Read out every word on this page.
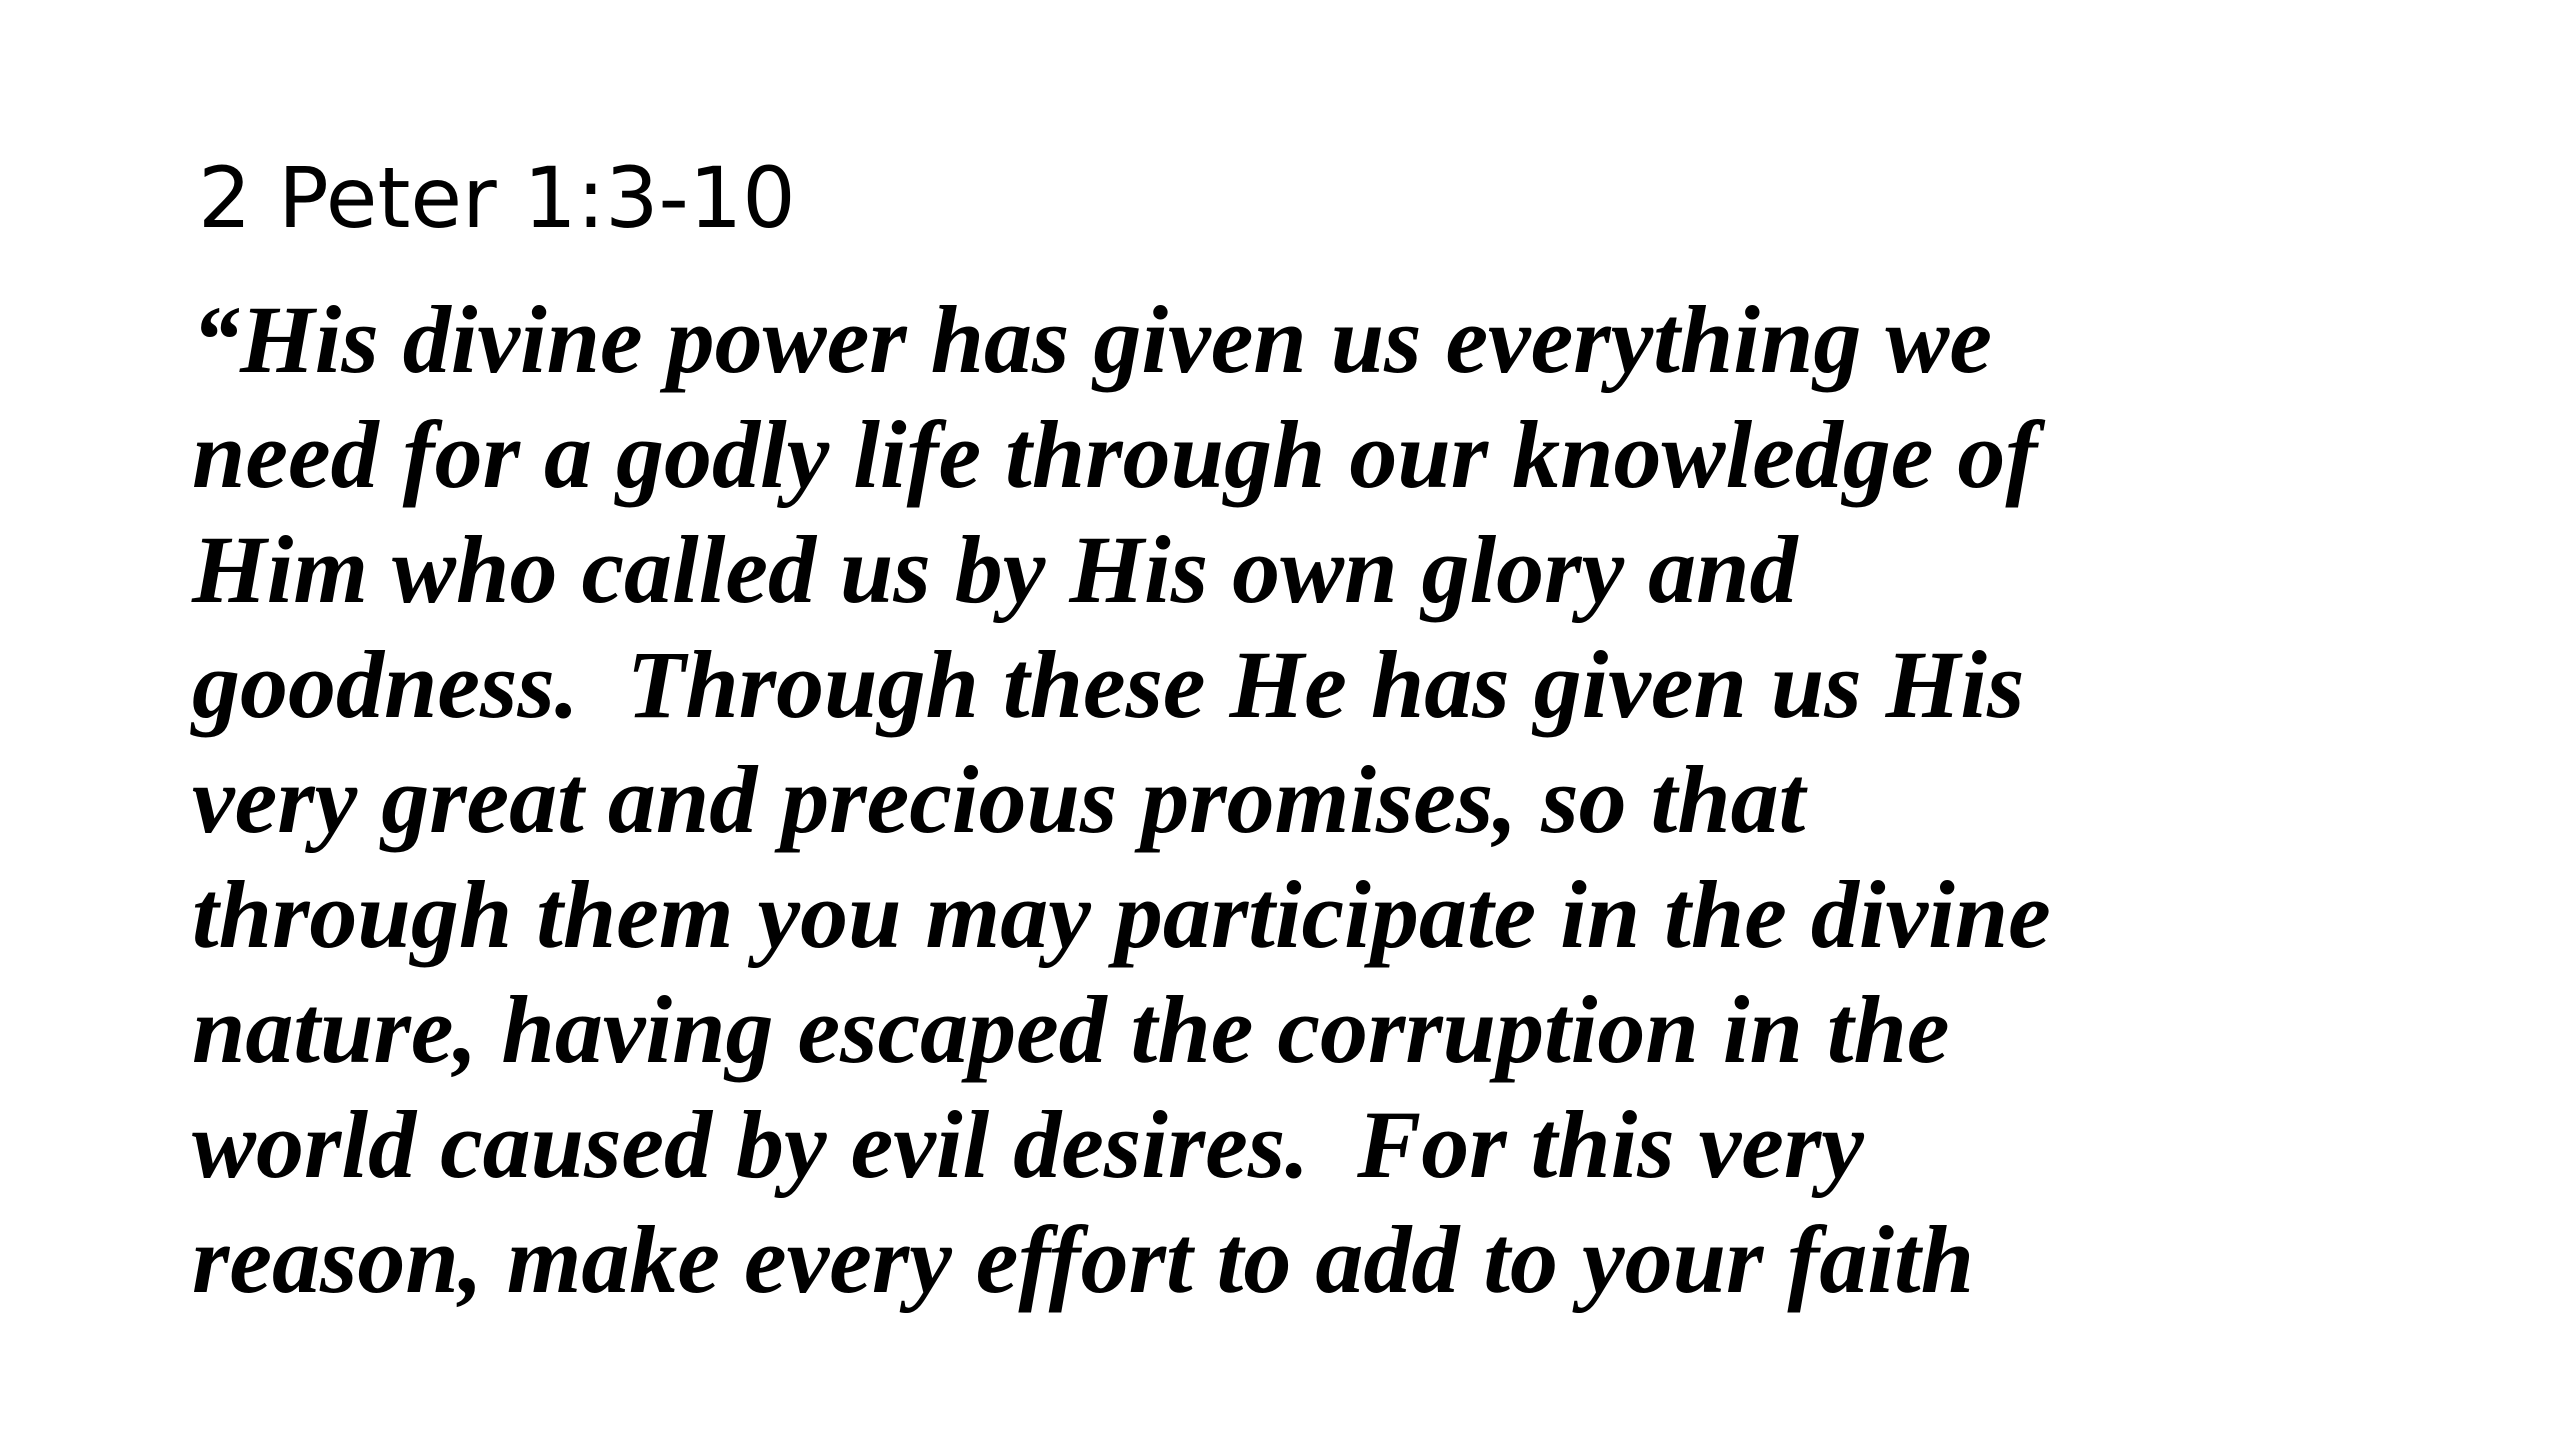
2 Peter 1:3-10
“His divine power has given us everything we
need for a godly life through our knowledge of
Him who called us by His own glory and
goodness.  Through these He has given us His
very great and precious promises, so that
through them you may participate in the divine
nature, having escaped the corruption in the
world caused by evil desires.  For this very
reason, make every effort to add to your faith
